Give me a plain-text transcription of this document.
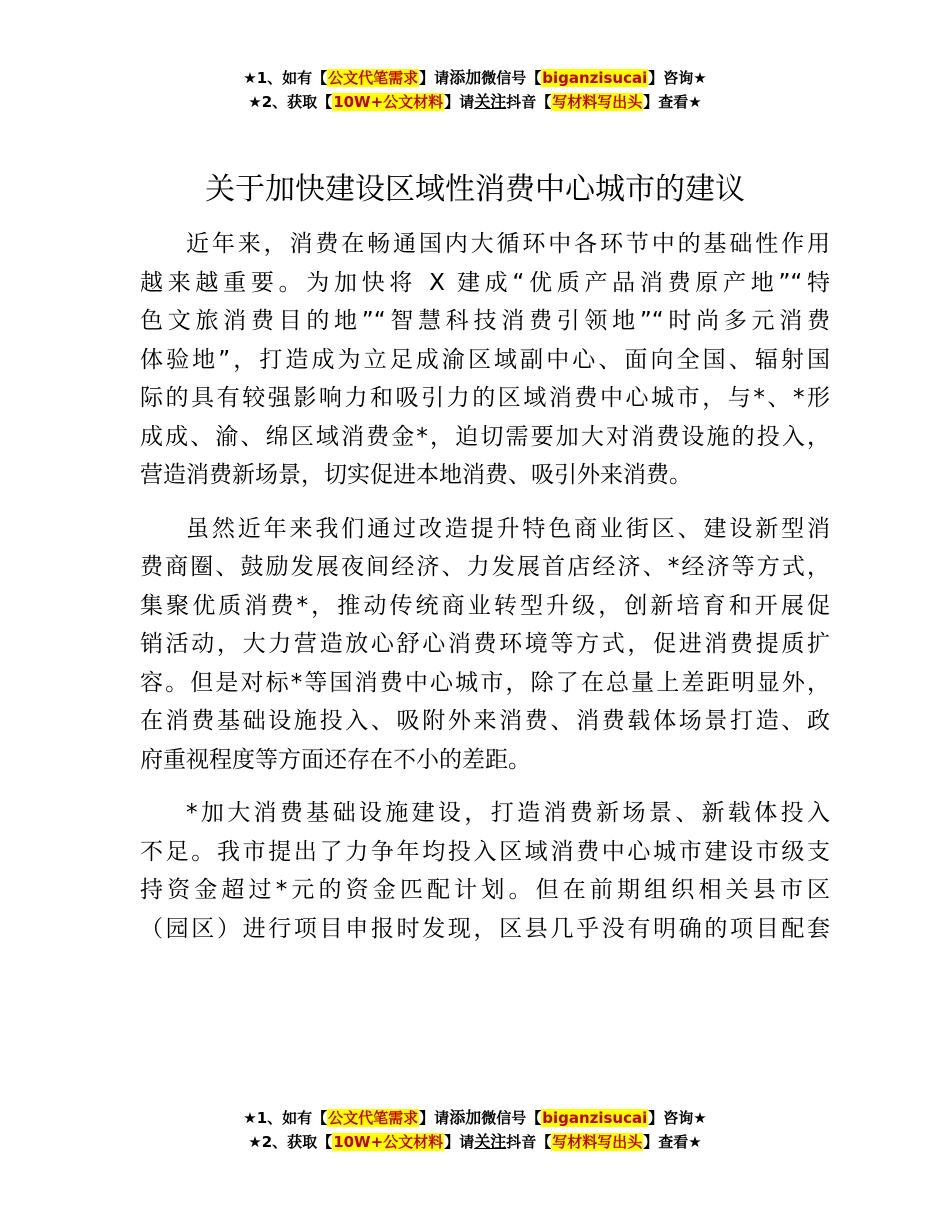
★1、如有【公文代笔需求】请添加微信号【biganzisucai】咨询★
★2、获取【10W+公文材料】请关注抖音【写材料写出头】查看★
关于加快建设区域性消费中心城市的建议
近年来，消费在畅通国内大循环中各环节中的基础性作用
越来越重要。为加快将 X 建成“优质产品消费原产地”“特
色文旅消费目的地”“智慧科技消费引领地”“时尚多元消费
体验地”，打造成为立足成渝区域副中心、面向全国、辐射国
际的具有较强影响力和吸引力的区域消费中心城市，与*、*形
成成、渝、绵区域消费金*，迫切需要加大对消费设施的投入，
营造消费新场景，切实促进本地消费、吸引外来消费。
虽然近年来我们通过改造提升特色商业街区、建设新型消
费商圈、鼓励发展夜间经济、力发展首店经济、*经济等方式，
集聚优质消费*，推动传统商业转型升级，创新培育和开展促
销活动，大力营造放心舒心消费环境等方式，促进消费提质扩
容。但是对标*等国消费中心城市，除了在总量上差距明显外，
在消费基础设施投入、吸附外来消费、消费载体场景打造、政
府重视程度等方面还存在不小的差距。
*加大消费基础设施建设，打造消费新场景、新载体投入
不足。我市提出了力争年均投入区域消费中心城市建设市级支
持资金超过*元的资金匹配计划。但在前期组织相关县市区
（园区）进行项目申报时发现，区县几乎没有明确的项目配套
★1、如有【公文代笔需求】请添加微信号【biganzisucai】咨询★
★2、获取【10W+公文材料】请关注抖音【写材料写出头】查看★
